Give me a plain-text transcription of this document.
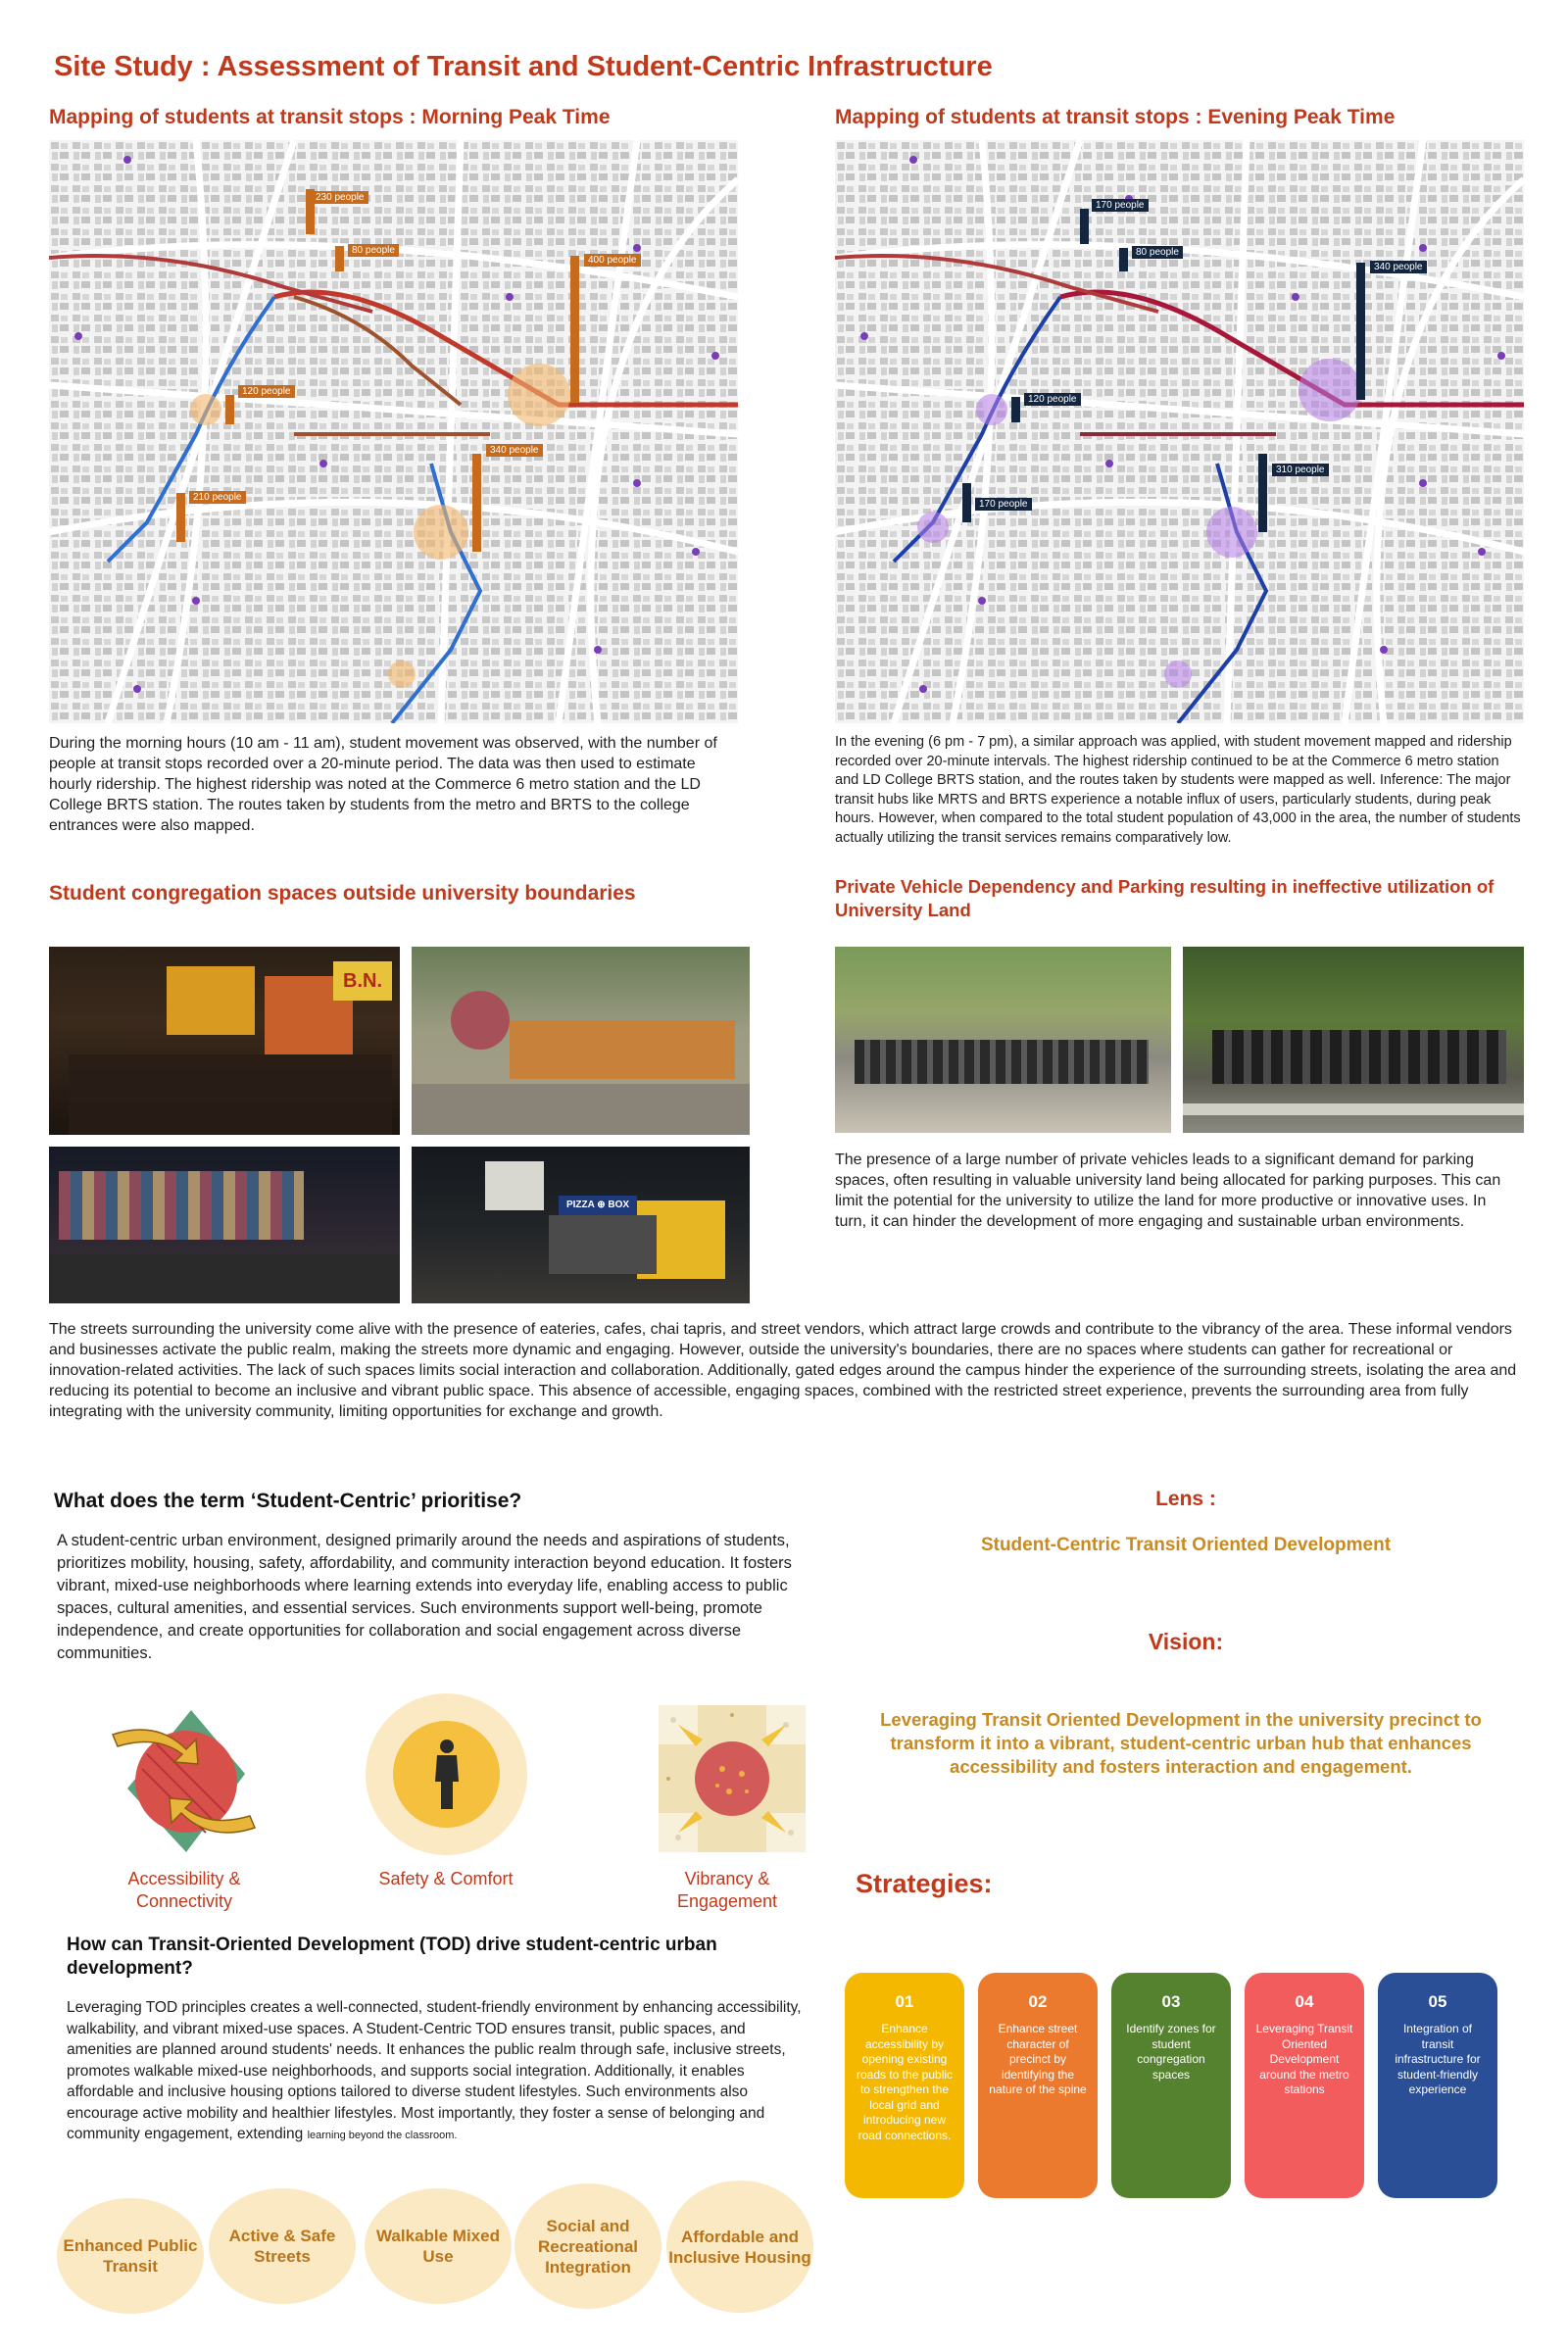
Site Study : Assessment of Transit and Student-Centric Infrastructure
Mapping of students at transit stops : Morning Peak Time
230 people
80 people
400 people
120 people
340 people
210 people
During the morning hours (10 am - 11 am), student movement was observed, with the number of people at transit stops recorded over a 20-minute period. The data was then used to estimate hourly ridership. The highest ridership was noted at the Commerce 6 metro station and the LD College BRTS station. The routes taken by students from the metro and BRTS to the college entrances were also mapped.
Mapping of students at transit stops : Evening Peak Time
170 people
80 people
340 people
120 people
310 people
170 people
In the evening (6 pm - 7 pm), a similar approach was applied, with student movement mapped and ridership recorded over 20-minute intervals. The highest ridership continued to be at the Commerce 6 metro station and LD College BRTS station, and the routes taken by students were mapped as well. Inference: The major transit hubs like MRTS and BRTS experience a notable influx of users, particularly students, during peak hours. However, when compared to the total student population of 43,000 in the area, the number of students actually utilizing the transit services remains comparatively low.
Student congregation spaces outside university boundaries
B.N.
PIZZA ⊕ BOX
Private Vehicle Dependency and Parking resulting in ineffective utilization of University Land
The presence of a large number of private vehicles leads to a significant demand for parking spaces, often resulting in valuable university land being allocated for parking purposes. This can limit the potential for the university to utilize the land for more productive or innovative uses. In turn, it can hinder the development of more engaging and sustainable urban environments.
The streets surrounding the university come alive with the presence of eateries, cafes, chai tapris, and street vendors, which attract large crowds and contribute to the vibrancy of the area. These informal vendors and businesses activate the public realm, making the streets more dynamic and engaging. However, outside the university's boundaries, there are no spaces where students can gather for recreational or innovation-related activities. The lack of such spaces limits social interaction and collaboration. Additionally, gated edges around the campus hinder the experience of the surrounding streets, isolating the area and reducing its potential to become an inclusive and vibrant public space. This absence of accessible, engaging spaces, combined with the restricted street experience, prevents the surrounding area from fully integrating with the university community, limiting opportunities for exchange and growth.
What does the term ‘Student-Centric’ prioritise?
A student-centric urban environment, designed primarily around the needs and aspirations of students, prioritizes mobility, housing, safety, affordability, and community interaction beyond education. It fosters vibrant, mixed-use neighborhoods where learning extends into everyday life, enabling access to public spaces, cultural amenities, and essential services. Such environments support well-being, promote independence, and create opportunities for collaboration and social engagement across diverse communities.
Accessibility & Connectivity
Safety & Comfort	Vibrancy & Engagement
How can Transit-Oriented Development (TOD) drive student-centric urban development?
Leveraging TOD principles creates a well-connected, student-friendly environment by enhancing accessibility, walkability, and vibrant mixed-use spaces. A Student-Centric TOD ensures transit, public spaces, and amenities are planned around students' needs. It enhances the public realm through safe, inclusive streets, promotes walkable mixed-use neighborhoods, and supports social integration. Additionally, it enables affordable and inclusive housing options tailored to diverse student lifestyles. Such environments also encourage active mobility and healthier lifestyles. Most importantly, they foster a sense of belonging and community engagement, extending learning beyond the classroom.
Enhanced Public Transit
Active & Safe Streets
Walkable Mixed Use
Social and Recreational Integration
Affordable and Inclusive Housing
Lens :
Student-Centric Transit Oriented Development
Vision:
Leveraging Transit Oriented Development in the university precinct to transform it into a vibrant, student-centric urban hub that enhances accessibility and fosters interaction and engagement.
Strategies:
01
Enhance accessibility by opening existing roads to the public to strengthen the local grid and introducing new road connections.
02
Enhance street character of precinct by identifying the nature of the spine
03
Identify zones for student congregation spaces
04
Leveraging Transit Oriented Development around the metro stations
05
Integration of transit infrastructure for student-friendly experience
